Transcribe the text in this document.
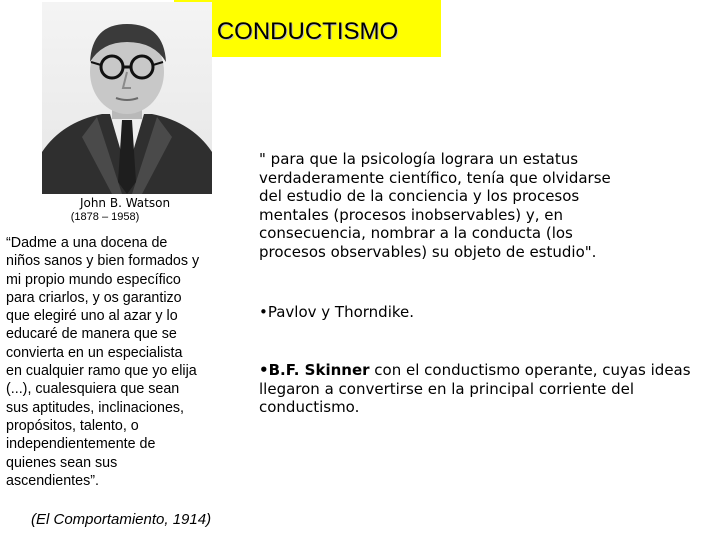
CONDUCTISMO
John B. Watson
(1878 – 1958)
“Dadme a una docena de
niños sanos y bien formados y
mi propio mundo específico
para criarlos, y os garantizo
que elegiré uno al azar y lo
educaré de manera que se
convierta en un especialista
en cualquier ramo que yo elija
(...), cualesquiera que sean
sus aptitudes, inclinaciones,
propósitos, talento, o
independientemente de
quienes sean sus
ascendientes”.
(El Comportamiento, 1914)
" para que la psicología lograra un estatus
verdaderamente científico, tenía que olvidarse
del estudio de la conciencia y los procesos
mentales (procesos inobservables) y, en
consecuencia, nombrar a la conducta (los
procesos observables) su objeto de estudio".
•Pavlov y Thorndike.
•B.F. Skinner con el conductismo operante, cuyas ideas llegaron a convertirse en la principal corriente del conductismo.
